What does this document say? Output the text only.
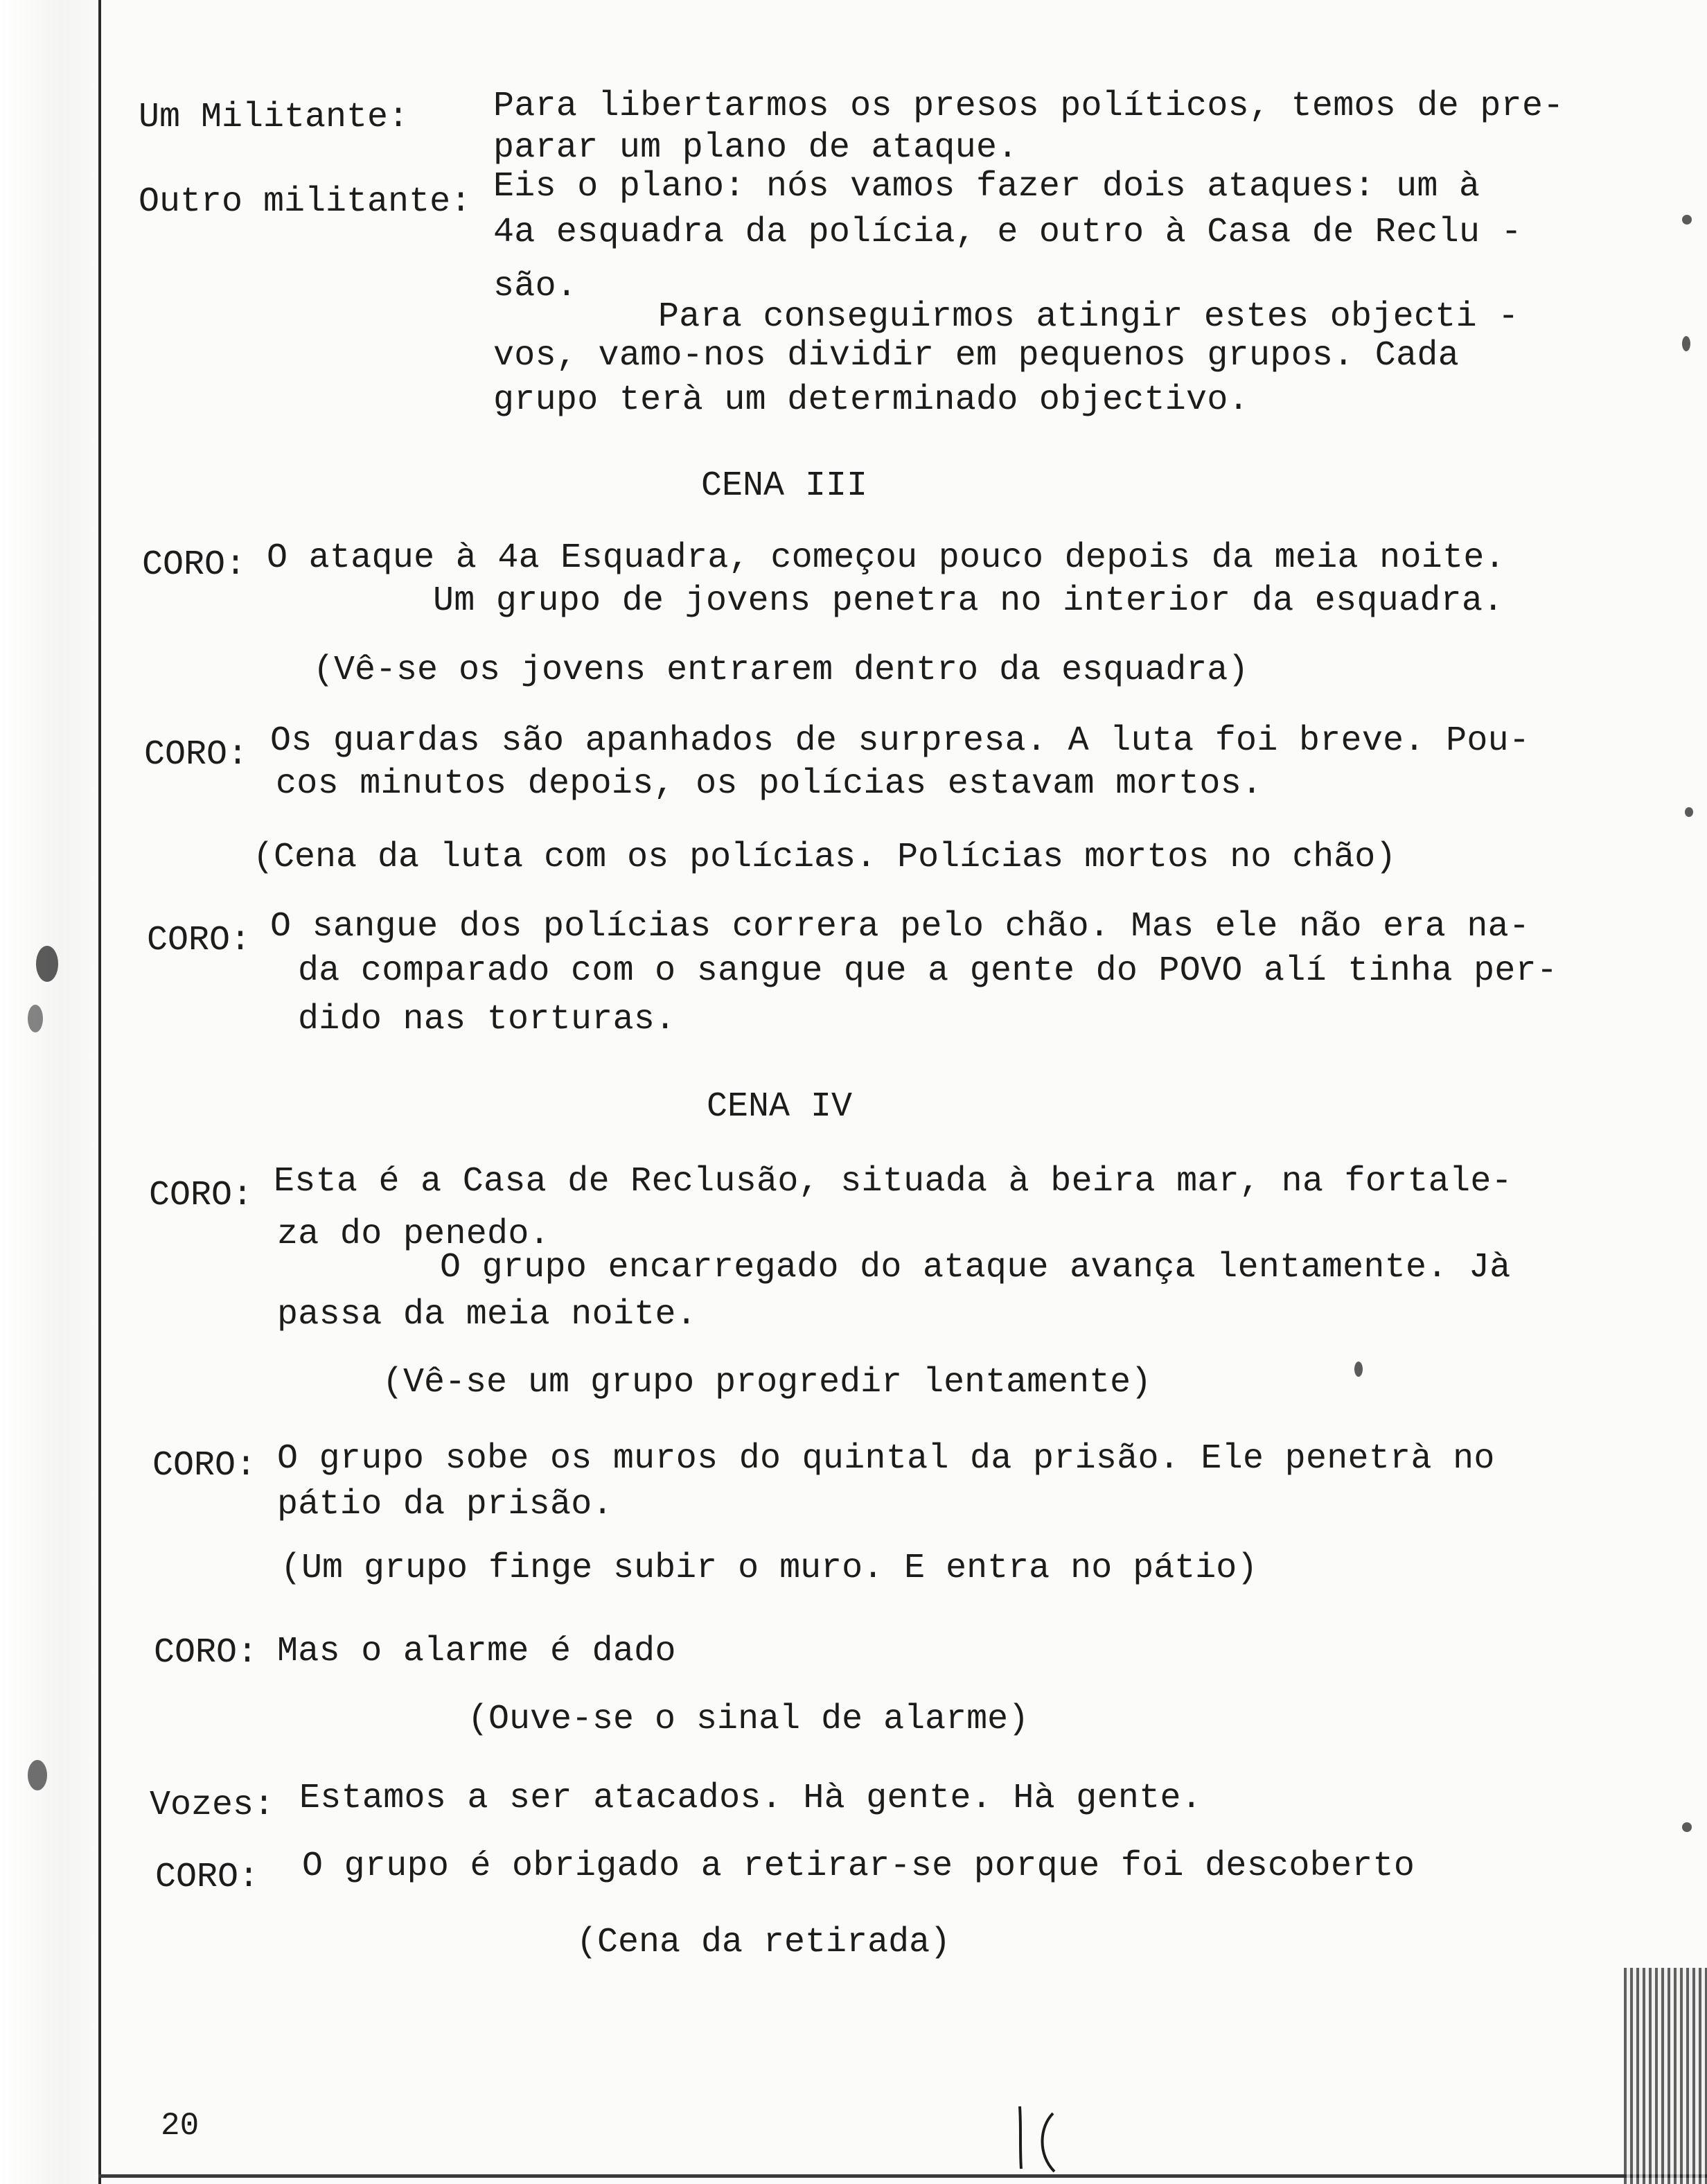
Um Militante: Para libertarmos os presos políticos, temos de pre-
parar um plano de ataque.
Outro militante: Eis o plano: nós vamos fazer dois ataques: um à
4a esquadra da polícia, e outro à Casa de Reclu -
são.
Para conseguirmos atingir estes objecti -
vos, vamo-nos dividir em pequenos grupos. Cada
grupo terà um determinado objectivo.
CENA III
CORO: O ataque à 4a Esquadra, começou pouco depois da meia noite.
Um grupo de jovens penetra no interior da esquadra.
(Vê-se os jovens entrarem dentro da esquadra)
CORO: Os guardas são apanhados de surpresa. A luta foi breve. Pou-
cos minutos depois, os polícias estavam mortos.
(Cena da luta com os polícias. Polícias mortos no chão)
CORO: O sangue dos polícias correra pelo chão. Mas ele não era na-
da comparado com o sangue que a gente do POVO alí tinha per-
dido nas torturas.
CENA IV
CORO: Esta é a Casa de Reclusão, situada à beira mar, na fortale-
za do penedo.
O grupo encarregado do ataque avança lentamente. Jà
passa da meia noite.
(Vê-se um grupo progredir lentamente)
CORO: O grupo sobe os muros do quintal da prisão. Ele penetrà no
pátio da prisão.
(Um grupo finge subir o muro. E entra no pátio)
CORO: Mas o alarme é dado
(Ouve-se o sinal de alarme)
Vozes: Estamos a ser atacados. Hà gente. Hà gente.
CORO: O grupo é obrigado a retirar-se porque foi descoberto
(Cena da retirada)
20
